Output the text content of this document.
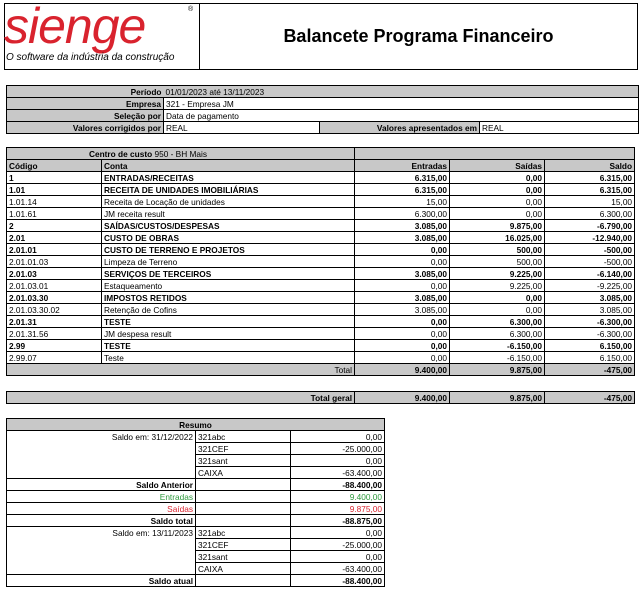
sienge	®
O software da indústria da construção
Balancete Programa Financeiro
Período	01/01/2023 até 13/11/2023		
Empresa	321 - Empresa JM		
Seleção por	Data de pagamento		
Valores corrigidos por	REAL	Valores apresentados em	REAL
Centro de custo 950 - BH Mais				
Código	Conta	Entradas	Saídas	Saldo
1	ENTRADAS/RECEITAS	6.315,00	0,00	6.315,00
1.01	RECEITA DE UNIDADES IMOBILIÁRIAS	6.315,00	0,00	6.315,00
1.01.14	Receita de Locação de unidades	15,00	0,00	15,00
1.01.61	JM receita result	6.300,00	0,00	6.300,00
2	SAÍDAS/CUSTOS/DESPESAS	3.085,00	9.875,00	-6.790,00
2.01	CUSTO DE OBRAS	3.085,00	16.025,00	-12.940,00
2.01.01	CUSTO DE TERRENO E PROJETOS	0,00	500,00	-500,00
2.01.01.03	Limpeza de Terreno	0,00	500,00	-500,00
2.01.03	SERVIÇOS DE TERCEIROS	3.085,00	9.225,00	-6.140,00
2.01.03.01	Estaqueamento	0,00	9.225,00	-9.225,00
2.01.03.30	IMPOSTOS RETIDOS	3.085,00	0,00	3.085,00
2.01.03.30.02	Retenção de Cofins	3.085,00	0,00	3.085,00
2.01.31	TESTE	0,00	6.300,00	-6.300,00
2.01.31.56	JM despesa result	0,00	6.300,00	-6.300,00
2.99	TESTE	0,00	-6.150,00	6.150,00
2.99.07	Teste	0,00	-6.150,00	6.150,00
Total		9.400,00	9.875,00	-475,00
Total geral	9.400,00	9.875,00	-475,00
Resumo		
Saldo em: 31/12/2022	321abc	0,00
	321CEF	-25.000,00
	321sant	0,00
	CAIXA	-63.400,00
Saldo Anterior		-88.400,00
Entradas		9.400,00
Saídas		9.875,00
Saldo total		-88.875,00
Saldo em: 13/11/2023	321abc	0,00
	321CEF	-25.000,00
	321sant	0,00
	CAIXA	-63.400,00
Saldo atual		-88.400,00
